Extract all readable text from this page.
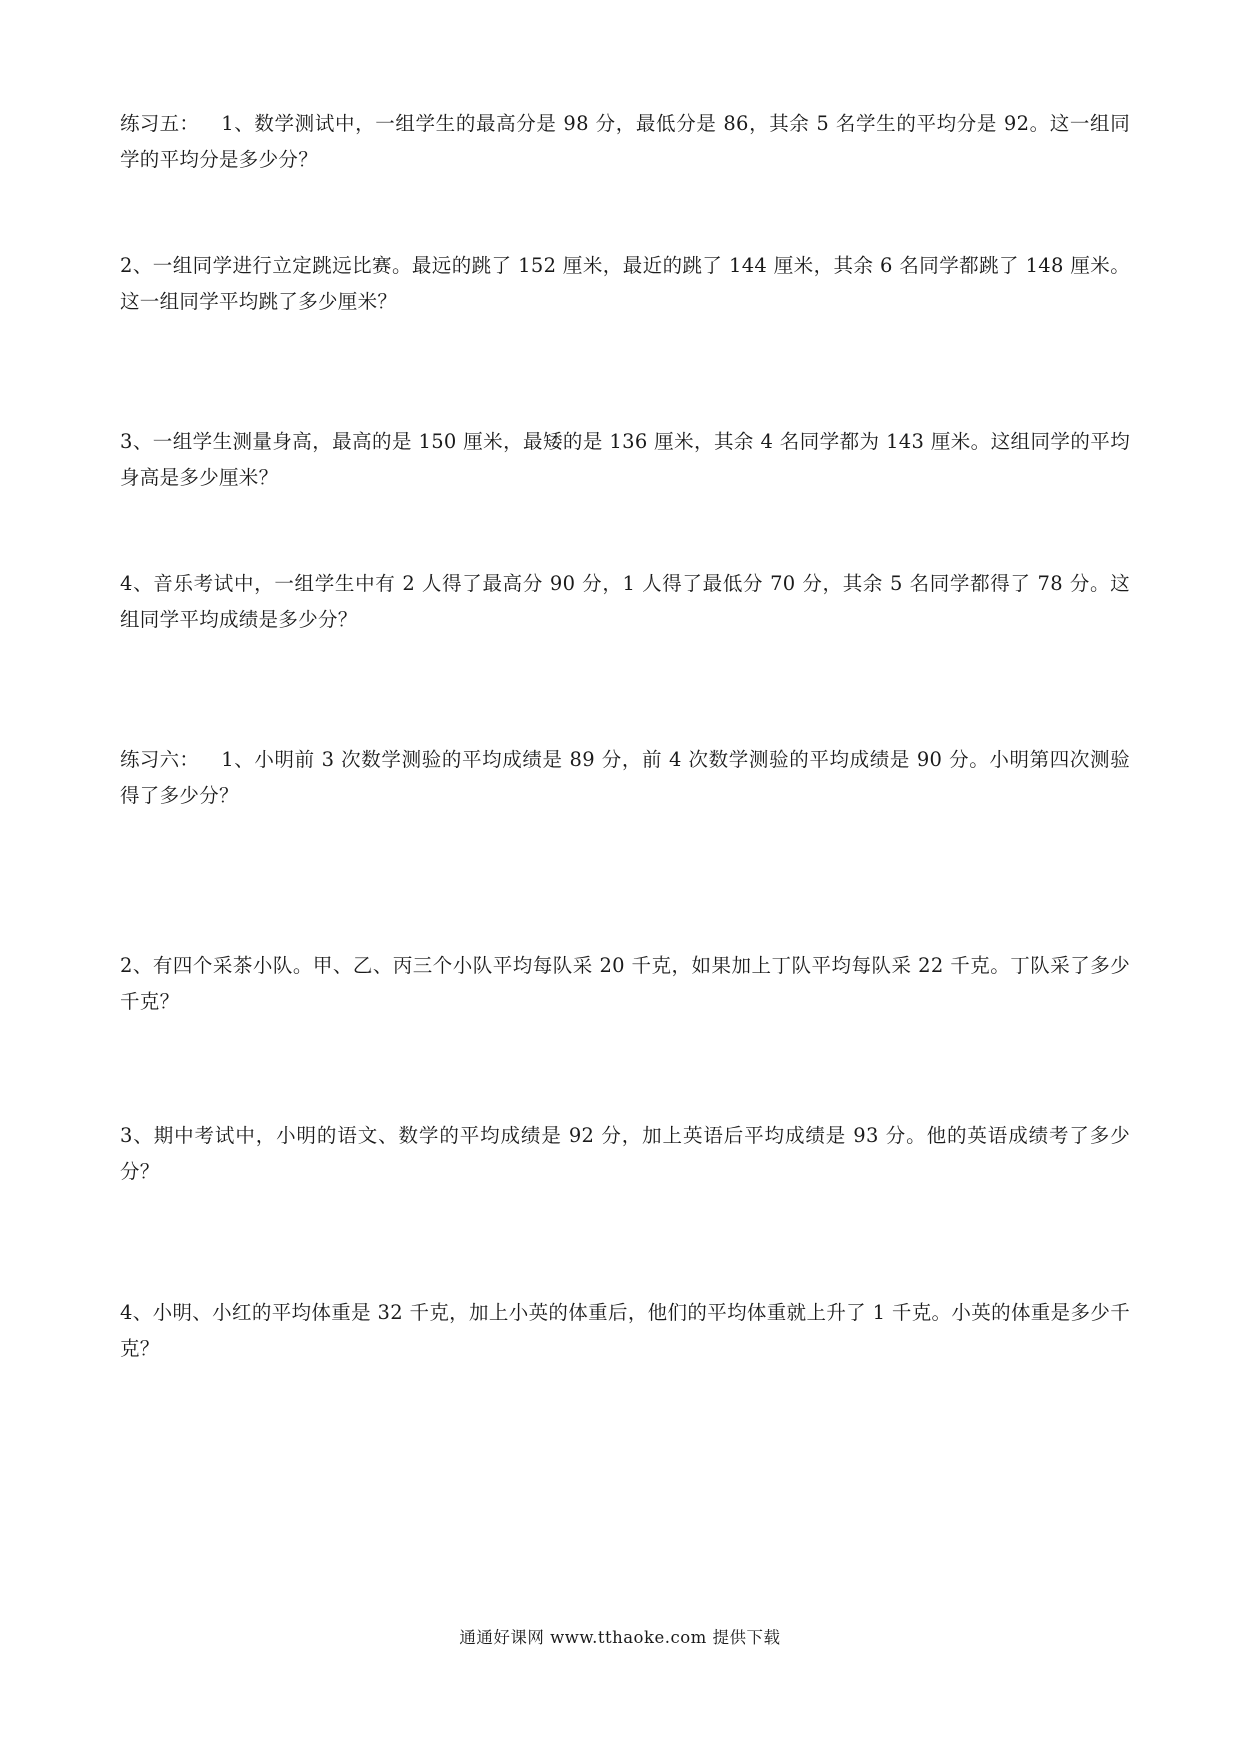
练习五： 1、数学测试中，一组学生的最高分是 98 分，最低分是 86，其余 5 名学生的平均分是 92。这一组同学的平均分是多少分？
2、一组同学进行立定跳远比赛。最远的跳了 152 厘米，最近的跳了 144 厘米，其余 6 名同学都跳了 148 厘米。这一组同学平均跳了多少厘米？
3、一组学生测量身高，最高的是 150 厘米，最矮的是 136 厘米，其余 4 名同学都为 143 厘米。这组同学的平均身高是多少厘米？
4、音乐考试中，一组学生中有 2 人得了最高分 90 分，1 人得了最低分 70 分，其余 5 名同学都得了 78 分。这组同学平均成绩是多少分？
练习六： 1、小明前 3 次数学测验的平均成绩是 89 分，前 4 次数学测验的平均成绩是 90 分。小明第四次测验得了多少分？
2、有四个采茶小队。甲、乙、丙三个小队平均每队采 20 千克，如果加上丁队平均每队采 22 千克。丁队采了多少千克？
3、期中考试中，小明的语文、数学的平均成绩是 92 分，加上英语后平均成绩是 93 分。他的英语成绩考了多少分？
4、小明、小红的平均体重是 32 千克，加上小英的体重后，他们的平均体重就上升了 1 千克。小英的体重是多少千克？
通通好课网 www.tthaoke.com 提供下载
